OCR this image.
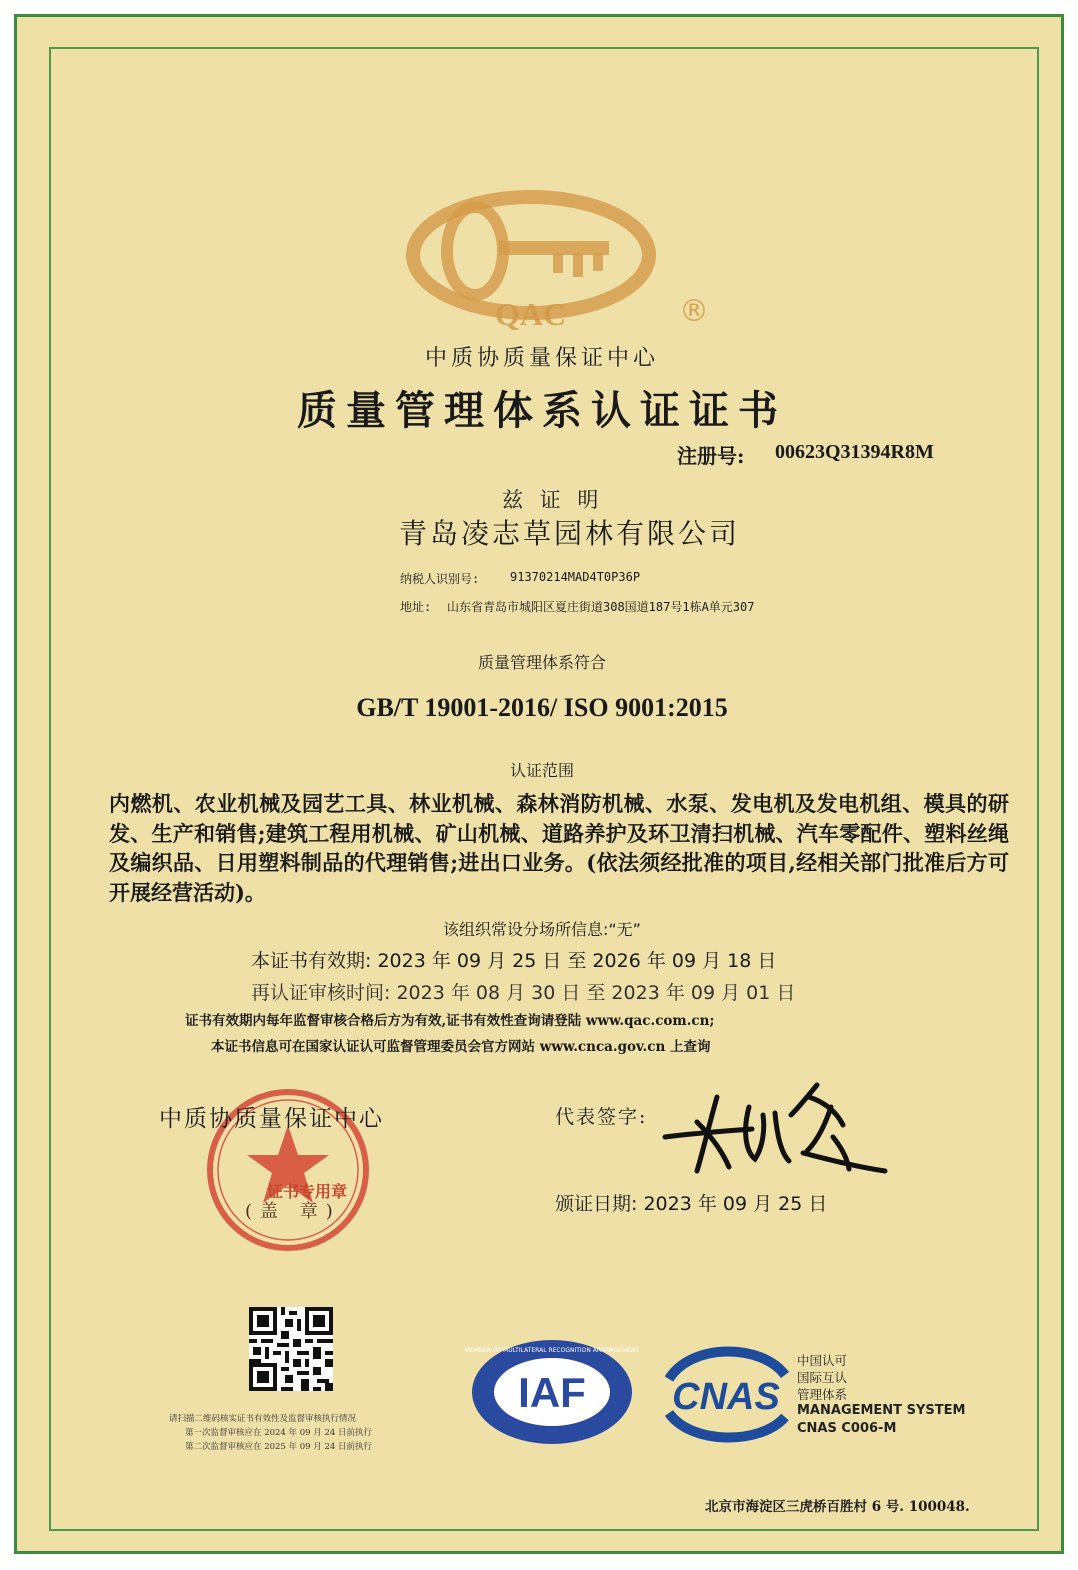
QAC	®
中质协质量保证中心
质量管理体系认证证书
注册号: 00623Q31394R8M
兹 证 明
青岛凌志草园林有限公司
纳税人识别号:	91370214MAD4T0P36P
地址: 山东省青岛市城阳区夏庄街道308国道187号1栋A单元307
质量管理体系符合
GB/T 19001-2016/ ISO 9001:2015
认证范围
内燃机、农业机械及园艺工具、林业机械、森林消防机械、水泵、发电机及发电机组、模具的研发、生产和销售;建筑工程用机械、矿山机械、道路养护及环卫清扫机械、汽车零配件、塑料丝绳及编织品、日用塑料制品的代理销售;进出口业务。(依法须经批准的项目,经相关部门批准后方可开展经营活动)。
该组织常设分场所信息:“无”
本证书有效期: 2023 年 09 月 25 日 至 2026 年 09 月 18 日
再认证审核时间: 2023 年 08 月 30 日 至 2023 年 09 月 01 日
证书有效期内每年监督审核合格后方为有效,证书有效性查询请登陆 www.qac.com.cn;
本证书信息可在国家认证认可监督管理委员会官方网站 www.cnca.gov.cn 上查询
中质协质量保证中心
证书专用章
(盖 章)
代表签字:
颁证日期: 2023 年 09 月 25 日
请扫描二维码核实证书有效性及监督审核执行情况
第一次监督审核应在 2024 年 09 月 24 日前执行
第二次监督审核应在 2025 年 09 月 24 日前执行
IAF
MEMBER OF MULTILATERAL RECOGNITION ARRANGEMENT
CNAS
中国认可
国际互认
管理体系
MANAGEMENT SYSTEM
CNAS C006-M
北京市海淀区三虎桥百胜村 6 号. 100048.
